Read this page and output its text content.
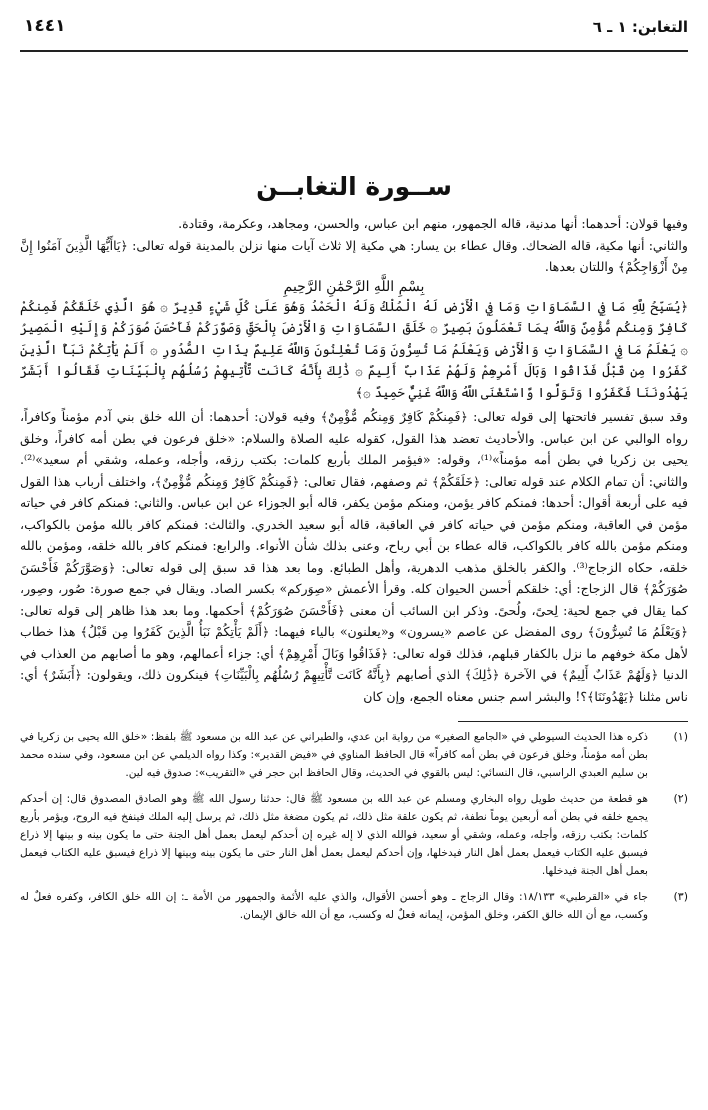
التغابن: ١ ـ ٦
١٤٤١
ســورة التغابــن

وفيها قولان: أحدهما: أنها مدنية، قاله الجمهور، منهم ابن عباس، والحسن، ومجاهد، وعكرمة، وقتادة.

والثاني: أنها مكية، قاله الضحاك. وقال عطاء بن يسار: هي مكية إلا ثلاث آيات منها نزلن بالمدينة قوله تعالى: ﴿يَاأَيُّهَا الَّذِينَ آمَنُوا إِنَّ مِنْ أَزْوَاجِكُمْ﴾ واللتان بعدها.

بِسْمِ اللَّهِ الرَّحْمَٰنِ الرَّحِيمِ
﴿يُسَبِّحُ لِلَّهِ مَا فِي السَّمَاوَاتِ وَمَا فِي الْأَرْضِ لَهُ الْمُلْكُ وَلَهُ الْحَمْدُ وَهُوَ عَلَىٰ كُلِّ شَيْءٍ قَدِيرٌ ۞ هُوَ الَّذِي خَلَقَكُمْ فَمِنكُمْ كَافِرٌ وَمِنكُم مُّؤْمِنٌ وَاللَّهُ بِمَا تَعْمَلُونَ بَصِيرٌ ۞ خَلَقَ السَّمَاوَاتِ وَالْأَرْضَ بِالْحَقِّ وَصَوَّرَكُمْ فَأَحْسَنَ صُوَرَكُمْ وَإِلَيْهِ الْمَصِيرُ ۞ يَعْلَمُ مَا فِي السَّمَاوَاتِ وَالْأَرْضِ وَيَعْلَمُ مَا تُسِرُّونَ وَمَا تُعْلِنُونَ وَاللَّهُ عَلِيمٌ بِذَاتِ الصُّدُورِ ۞ أَلَمْ يَأْتِكُمْ نَبَأُ الَّذِينَ كَفَرُوا مِن قَبْلُ فَذَاقُوا وَبَالَ أَمْرِهِمْ وَلَهُمْ عَذَابٌ أَلِيمٌ ۞ ذَٰلِكَ بِأَنَّهُ كَانَت تَّأْتِيهِمْ رُسُلُهُم بِالْبَيِّنَاتِ فَقَالُوا أَبَشَرٌ يَهْدُونَنَا فَكَفَرُوا وَتَوَلَّوا وَّاسْتَغْنَى اللَّهُ وَاللَّهُ غَنِيٌّ حَمِيدٌ ۞﴾

وقد سبق تفسير فاتحتها إلى قوله تعالى: ﴿فَمِنكُمْ كَافِرٌ وَمِنكُم مُّؤْمِنٌ﴾ وفيه قولان: أحدهما: أن الله خلق بني آدم مؤمناً وكافراً، رواه الوالبي عن ابن عباس. والأحاديث تعضد هذا القول، كقوله عليه الصلاة والسلام: «خلق فرعون في بطن أمه كافراً، وخلق يحيى بن زكريا في بطن أمه مؤمناً»⁽¹⁾، وقوله: «فيؤمر الملك بأربع كلمات: بكتب رزقه، وأجله، وعمله، وشقي أم سعيد»⁽²⁾. والثاني: أن تمام الكلام عند قوله تعالى: ﴿خَلَقَكُمْ﴾ ثم وصفهم، فقال تعالى: ﴿فَمِنكُمْ كَافِرٌ وَمِنكُم مُّؤْمِنٌ﴾، واختلف أرباب هذا القول فيه على أربعة أقوال: أحدها: فمنكم كافر يؤمن، ومنكم مؤمن يكفر، قاله أبو الجوزاء عن ابن عباس. والثاني: فمنكم كافر في حياته مؤمن في العاقبة، ومنكم مؤمن في حياته كافر في العاقبة، قاله أبو سعيد الخدري. والثالث: فمنكم كافر بالله مؤمن بالكواكب، ومنكم مؤمن بالله كافر بالكواكب، قاله عطاء بن أبي رباح، وعنى بذلك شأن الأنواء. والرابع: فمنكم كافر بالله خلقه، ومؤمن بالله خلقه، حكاه الزجاج⁽³⁾. والكفر بالخلق مذهب الدهرية، وأهل الطبائع. وما بعد هذا قد سبق إلى قوله تعالى: ﴿وَصَوَّرَكُمْ فَأَحْسَنَ صُوَرَكُمْ﴾ قال الزجاج: أي: خلقكم أحسن الحيوان كله. وقرأ الأعمش «صِوَركم» بكسر الصاد. ويقال في جمع صورة: صُور، وصِور، كما يقال في جمع لحية: لِحىً، ولُحىً. وذكر ابن السائب أن معنى ﴿فَأَحْسَنَ صُوَرَكُمْ﴾ أحكمها. وما بعد هذا ظاهر إلى قوله تعالى: ﴿وَيَعْلَمُ مَا تُسِرُّونَ﴾ روى المفضل عن عاصم «يسرون» و«يعلنون» بالياء فيهما: ﴿أَلَمْ يَأْتِكُمْ نَبَأُ الَّذِينَ كَفَرُوا مِن قَبْلُ﴾ هذا خطاب لأهل مكة خوفهم ما نزل بالكفار قبلهم، فذلك قوله تعالى: ﴿فَذَاقُوا وَبَالَ أَمْرِهِمْ﴾ أي: جزاء أعمالهم، وهو ما أصابهم من العذاب في الدنيا ﴿وَلَهُمْ عَذَابٌ أَلِيمٌ﴾ في الآخرة ﴿ذَٰلِكَ﴾ الذي أصابهم ﴿بِأَنَّهُ كَانَت تَّأْتِيهِمْ رُسُلُهُم بِالْبَيِّنَاتِ﴾ فينكرون ذلك، ويقولون: ﴿أَبَشَرٌ﴾ أي: ناس مثلنا ﴿يَهْدُونَنَا﴾؟! والبشر اسم جنس معناه الجمع، وإن كان

(١)
ذكره هذا الحديث السيوطي في «الجامع الصغير» من رواية ابن عدي، والطبراني عن عبد الله بن مسعود ﷺ بلفظ: «خلق الله يحيى بن زكريا في بطن أمه مؤمناً، وخلق فرعون في بطن أمه كافراً» قال الحافظ المناوي في «فيض القدير»: وكذا رواه الديلمي عن ابن مسعود، وفي سنده محمد بن سليم العبدي الراسبي، قال النسائي: ليس بالقوي في الحديث، وقال الحافظ ابن حجر في «التقريب»: صدوق فيه لين.
(٢)
هو قطعة من حديث طويل رواه البخاري ومسلم عن عبد الله بن مسعود ﷺ قال: حدثنا رسول الله ﷺ وهو الصادق المصدوق قال: إن أحدكم يجمع خلقه في بطن أمه أربعين يوماً نطفة، ثم يكون علقة مثل ذلك، ثم يكون مضغة مثل ذلك، ثم يرسل إليه الملك فينفخ فيه الروح، ويؤمر بأربع كلمات: بكتب رزقه، وأجله، وعمله، وشقي أو سعيد، فوالله الذي لا إله غيره إن أحدكم ليعمل بعمل أهل الجنة حتى ما يكون بينه و بينها إلا ذراع فيسبق عليه الكتاب فيعمل بعمل أهل النار فيدخلها، وإن أحدكم ليعمل بعمل أهل النار حتى ما يكون بينه وبينها إلا ذراع فيسبق عليه الكتاب فيعمل بعمل أهل الجنة فيدخلها.
(٣)
جاء في «القرطبي» ١٨/١٣٣: وقال الزجاج ـ وهو أحسن الأقوال، والذي عليه الأئمة والجمهور من الأمة ـ: إن الله خلق الكافر، وكفره فعلٌ له وكسب، مع أن الله خالق الكفر، وخلق المؤمن، إيمانه فعلٌ له وكسب، مع أن الله خالق الإيمان.
